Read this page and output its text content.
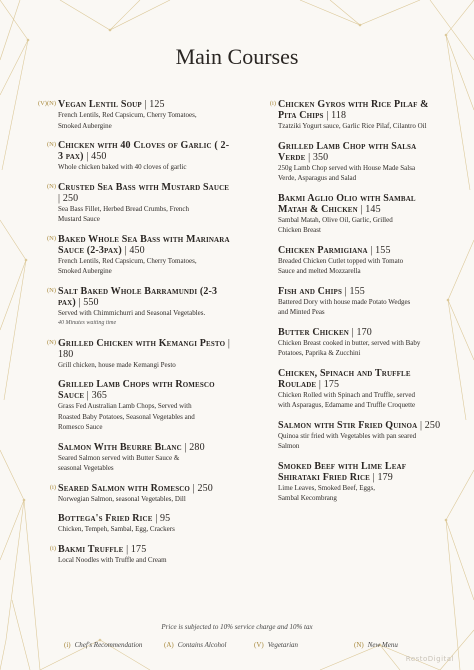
Main Courses
(V)(N) Vegan Lentil Soup | 125
French Lentils, Red Capsicum, Cherry Tomatoes,
Smoked Aubergine
(N) Chicken with 40 Cloves of Garlic ( 2-3 pax) | 450
Whole chicken baked with 40 cloves of garlic
(N) Crusted Sea Bass with Mustard Sauce | 250
Sea Bass Fillet, Herbed Bread Crumbs, French
Mustard Sauce
(N) Baked Whole Sea Bass with Marinara Sauce (2-3pax) | 450
French Lentils, Red Capsicum, Cherry Tomatoes,
Smoked Aubergine
(N) Salt Baked Whole Barramundi (2-3 pax) | 550
Served with Chimmichurri and Seasonal Vegetables.
40 Minutes waiting time
(N) Grilled Chicken with Kemangi Pesto | 180
Grill chicken, house made Kemangi Pesto
Grilled Lamb Chops with Romesco Sauce | 365
Grass Fed Australian Lamb Chops, Served with
Roasted Baby Potatoes, Seasonal Vegetables and
Romesco Sauce
Salmon With Beurre Blanc | 280
Seared Salmon served with Butter Sauce &
seasonal Vegetables
(i) Seared Salmon with Romesco | 250
Norwegian Salmon, seasonal Vegetables, Dill
Bottega's Fried Rice | 95
Chicken, Tempeh, Sambal, Egg, Crackers
(i) Bakmi Truffle | 175
Local Noodles with Truffle and Cream
(i) Chicken Gyros with Rice Pilaf & Pita Chips | 118
Tzatziki Yogurt sauce, Garlic Rice Pilaf, Cilantro Oil
Grilled Lamb Chop with Salsa Verde | 350
250g Lamb Chop served with House Made Salsa
Verde, Asparagus and Salad
Bakmi Aglio Olio with Sambal Matah & Chicken | 145
Sambal Matah, Olive Oil, Garlic, Grilled
Chicken Breast
Chicken Parmigiana | 155
Breaded Chicken Cutlet topped with Tomato
Sauce and melted Mozzarella
Fish and Chips | 155
Battered Dory with house made Potato Wedges
and Minted Peas
Butter Chicken | 170
Chicken Breast cooked in butter, served with Baby
Potatoes, Paprika & Zucchini
Chicken, Spinach and Truffle Roulade | 175
Chicken Rolled with Spinach and Truffle, served
with Asparagus, Edamame and Truffle Croquette
Salmon with Stir Fried Quinoa | 250
Quinoa stir fried with Vegetables with pan seared
Salmon
Smoked Beef with Lime Leaf Shirataki Fried Rice | 179
Lime Leaves, Smoked Beef, Eggs,
Sambal Kecombrang
Price is subjected to 10% service charge and 10% tax
(i) Chef's Recommendation	(A) Contains Alcohol	(V) Vegetarian	(N) New Menu
RestoDigital
